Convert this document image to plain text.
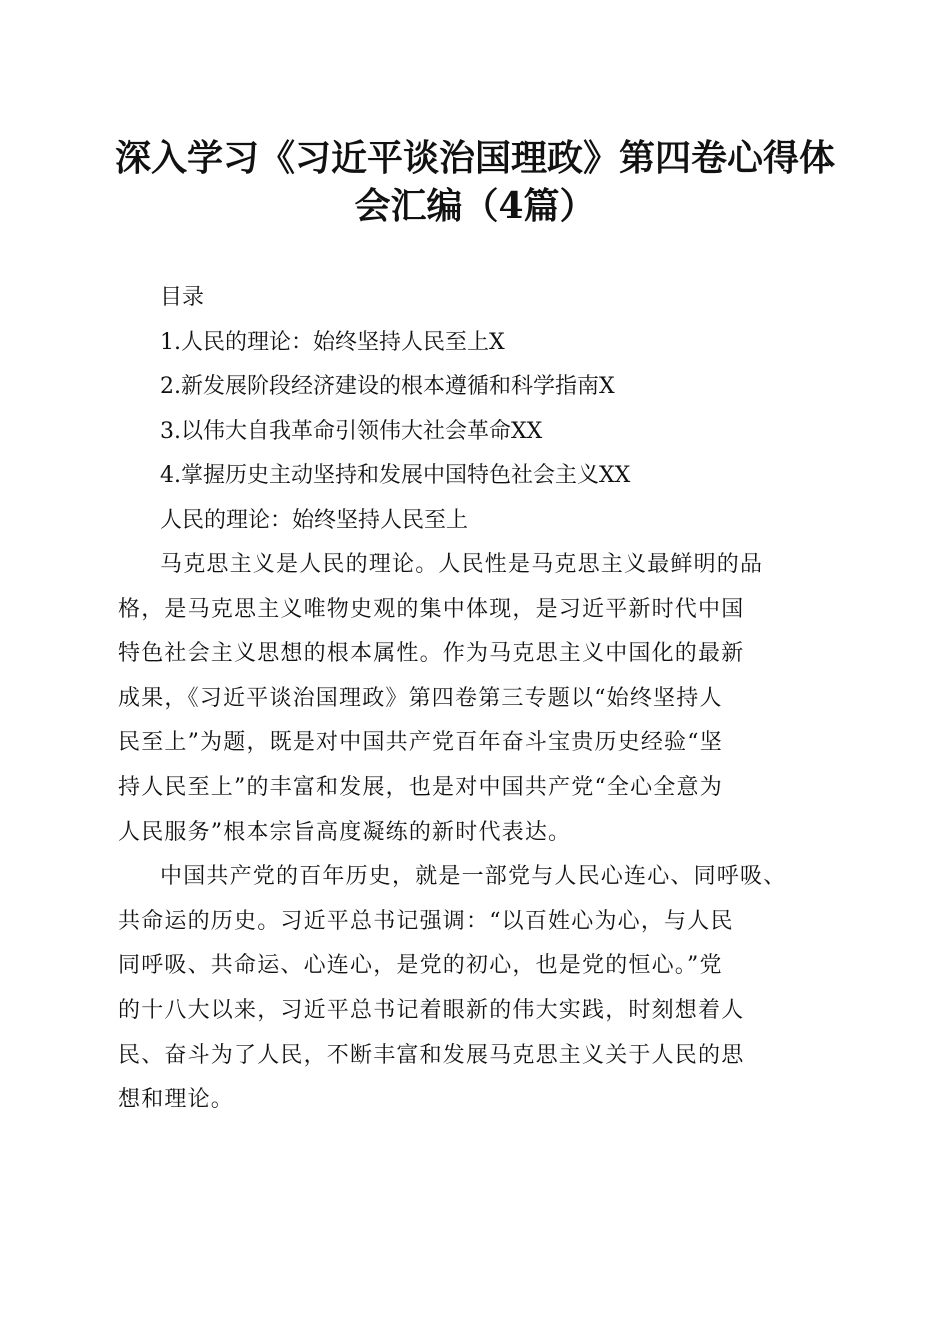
深入学习《习近平谈治国理政》第四卷心得体
会汇编（4篇）
目录
1.人民的理论：始终坚持人民至上X
2.新发展阶段经济建设的根本遵循和科学指南X
3.以伟大自我革命引领伟大社会革命XX
4.掌握历史主动坚持和发展中国特色社会主义XX
人民的理论：始终坚持人民至上
马克思主义是人民的理论。人民性是马克思主义最鲜明的品
格，是马克思主义唯物史观的集中体现，是习近平新时代中国
特色社会主义思想的根本属性。作为马克思主义中国化的最新
成果，《习近平谈治国理政》第四卷第三专题以“始终坚持人
民至上”为题，既是对中国共产党百年奋斗宝贵历史经验“坚
持人民至上”的丰富和发展，也是对中国共产党“全心全意为
人民服务”根本宗旨高度凝练的新时代表达。
中国共产党的百年历史，就是一部党与人民心连心、同呼吸、
共命运的历史。习近平总书记强调：“以百姓心为心，与人民
同呼吸、共命运、心连心，是党的初心，也是党的恒心。”党
的十八大以来，习近平总书记着眼新的伟大实践，时刻想着人
民、奋斗为了人民，不断丰富和发展马克思主义关于人民的思
想和理论。
